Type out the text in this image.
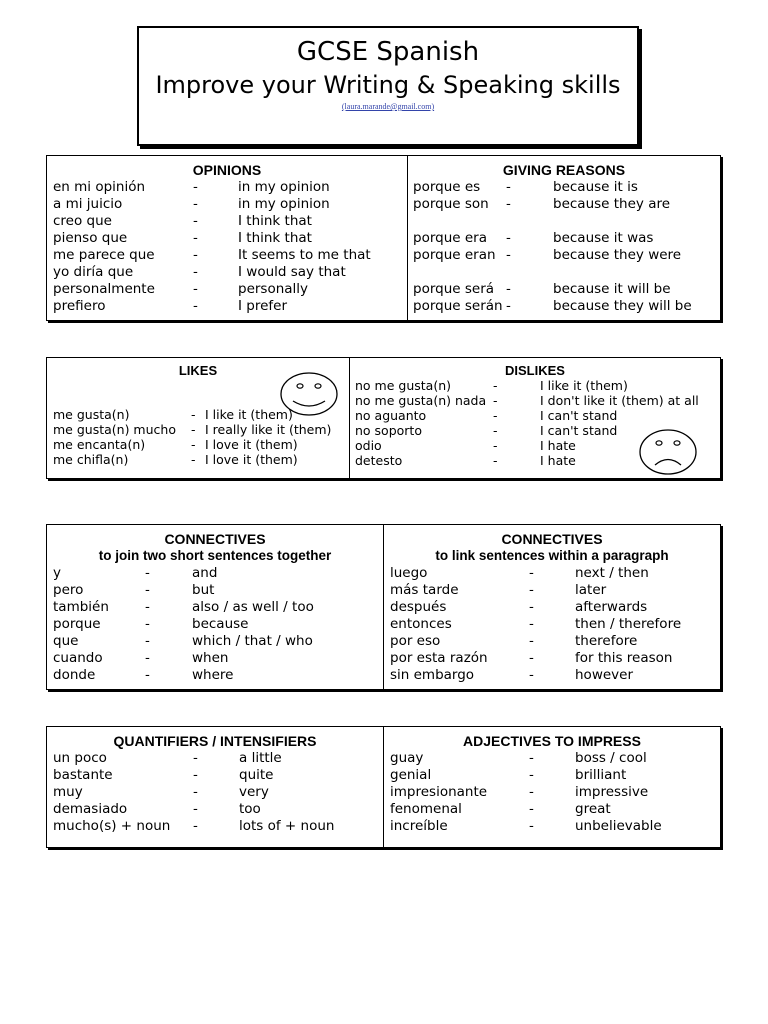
GCSE Spanish
Improve your Writing & Speaking skills
(laura.marande@gmail.com)
OPINIONS
en mi opinión	-	in my opinion
a mi juicio	-	in my opinion
creo que	-	I think that
pienso que	-	I think that
me parece que	-	It seems to me that
yo diría que	-	I would say that
personalmente	-	personally
prefiero	-	I prefer
GIVING REASONS
porque es -	because it is
porque son -	because they are
porque era -	because it was
porque eran -	because they were
porque será -	because it will be
porque serán -	because they will be
LIKES
me gusta(n)	- I like it (them)
me gusta(n) mucho - I really like it (them)
me encanta(n)	- I love it (them)
me chifla(n)	- I love it (them)
DISLIKES
no me gusta(n)	-	I like it (them)
no me gusta(n) nada -	I don't like it (them) at all
no aguanto	-	I can't stand
no soporto	-	I can't stand
odio	-	I hate
detesto	-	I hate
CONNECTIVES
to join two short sentences together
y	-	and
pero	-	but
también	-	also / as well / too
porque	-	because
que	-	which / that / who
cuando	-	when
donde	-	where
CONNECTIVES
to link sentences within a paragraph
luego	-	next / then
más tarde	-	later
después	-	afterwards
entonces	-	then / therefore
por eso	-	therefore
por esta razón	-	for this reason
sin embargo	-	however
QUANTIFIERS / INTENSIFIERS
un poco	-	a little
bastante	-	quite
muy	-	very
demasiado	-	too
mucho(s) + noun -	lots of + noun
ADJECTIVES TO IMPRESS
guay	-	boss / cool
genial	-	brilliant
impresionante	-	impressive
fenomenal	-	great
increíble	-	unbelievable
